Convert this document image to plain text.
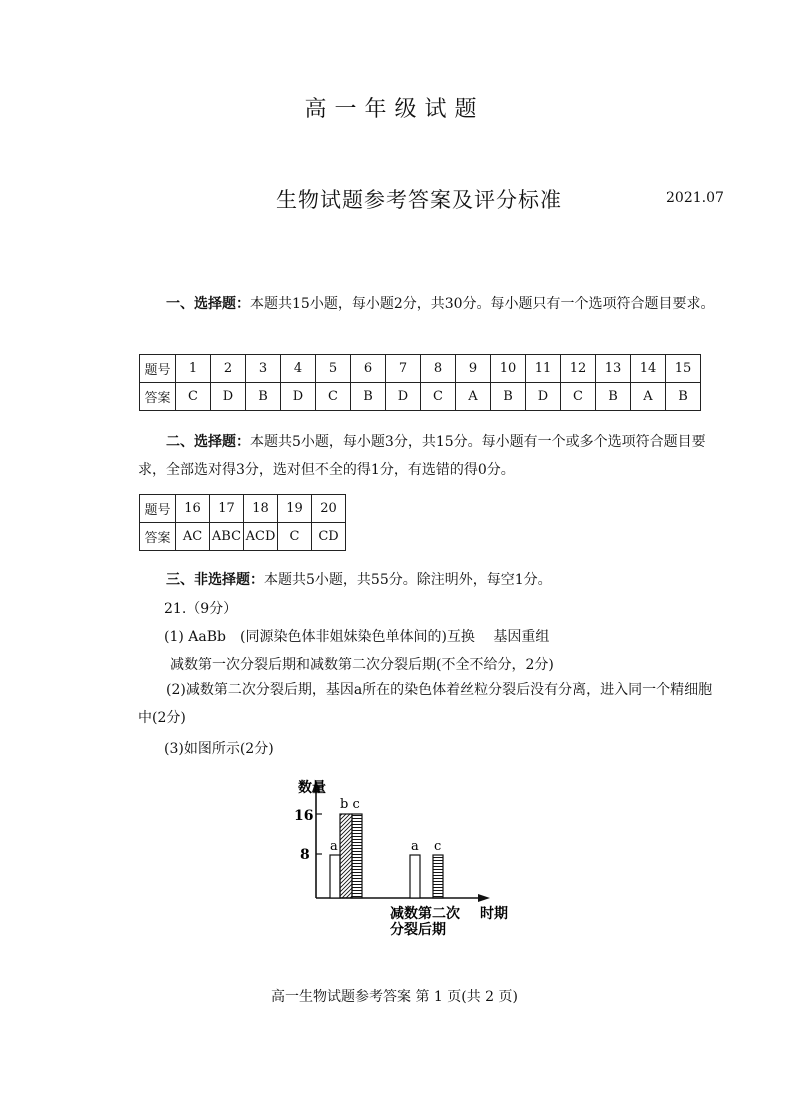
高一年级试题
生物试题参考答案及评分标准	2021.07
一、选择题：本题共15小题，每小题2分，共30分。每小题只有一个选项符合题目要求。
题号	1	2	3	4	5	6	7	8	9	10	11	12	13	14	15
答案	C	D	B	D	C	B	D	C	A	B	D	C	B	A	B
二、选择题：本题共5小题，每小题3分，共15分。每小题有一个或多个选项符合题目要求，全部选对得3分，选对但不全的得1分，有选错的得0分。
题号	16	17	18	19	20
答案	AC	ABC	ACD	C	CD
三、非选择题：本题共5小题，共55分。除注明外，每空1分。
21.（9分）
(1) AaBb　(同源染色体非姐妹染色单体间的)互换　 基因重组
减数第一次分裂后期和减数第二次分裂后期(不全不给分，2分)
(2)减数第二次分裂后期，基因a所在的染色体着丝粒分裂后没有分离，进入同一个精细胞中(2分)
(3)如图所示(2分)
数量
16
8
时期
减数第二次
分裂后期
a
b c
a c
高一生物试题参考答案 第 1 页(共 2 页)
